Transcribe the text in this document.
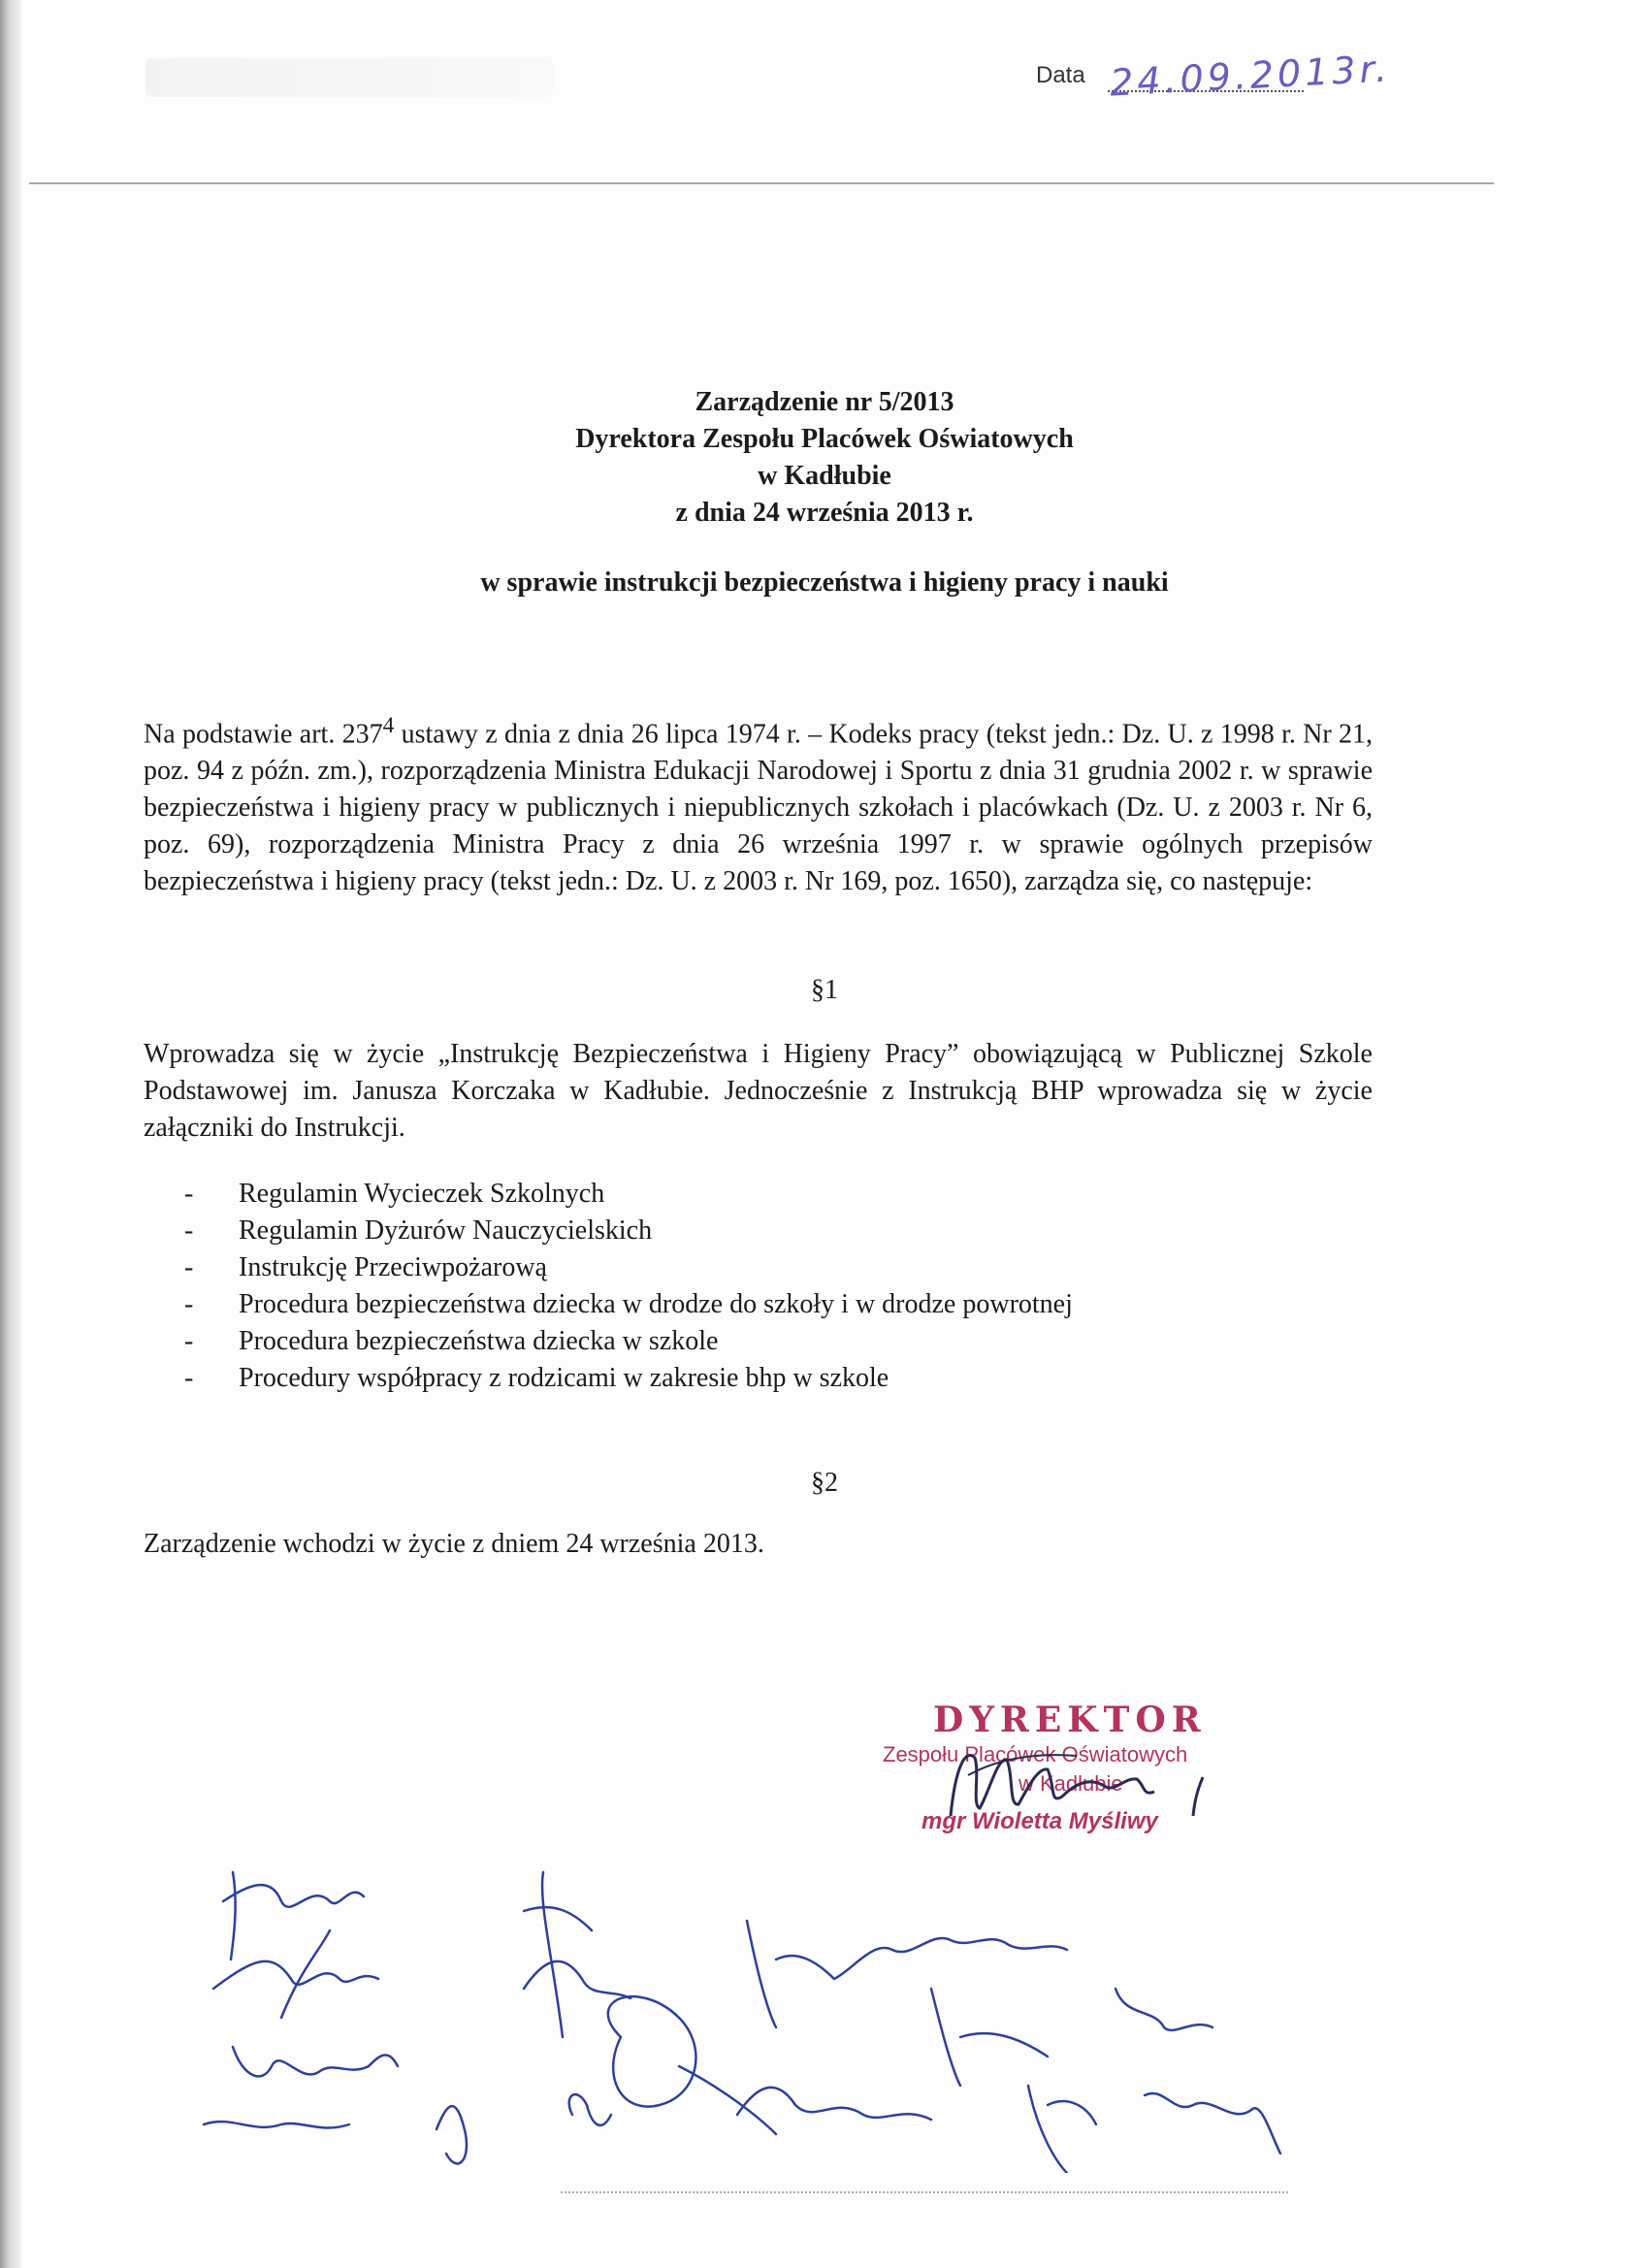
Data 24.09.2013r.
Zarządzenie nr 5/2013
Dyrektora Zespołu Placówek Oświatowych
w Kadłubie
z dnia 24 września 2013 r.
w sprawie instrukcji bezpieczeństwa i higieny pracy i nauki

Na podstawie art. $237^4$ ustawy z dnia z dnia 26 lipca 1974 r. – Kodeks pracy (tekst jedn.: Dz. U. z 1998 r. Nr 21, poz. 94 z późn. zm.), rozporządzenia Ministra Edukacji Narodowej i Sportu z dnia 31 grudnia 2002 r. w sprawie bezpieczeństwa i higieny pracy w publicznych i niepublicznych szkołach i placówkach (Dz. U. z 2003 r. Nr 6, poz. 69), rozporządzenia Ministra Pracy z dnia 26 września 1997 r. w sprawie ogólnych przepisów bezpieczeństwa i higieny pracy (tekst jedn.: Dz. U. z 2003 r. Nr 169, poz. 1650), zarządza się, co następuje:

§1

Wprowadza się w życie „Instrukcję Bezpieczeństwa i Higieny Pracy” obowiązującą w Publicznej Szkole Podstawowej im. Janusza Korczaka w Kadłubie. Jednocześnie z Instrukcją BHP wprowadza się w życie załączniki do Instrukcji.

- Regulamin Wycieczek Szkolnych
- Regulamin Dyżurów Nauczycielskich
- Instrukcję Przeciwpożarową
- Procedura bezpieczeństwa dziecka w drodze do szkoły i w drodze powrotnej
- Procedura bezpieczeństwa dziecka w szkole
- Procedury współpracy z rodzicami w zakresie bhp w szkole

§2

Zarządzenie wchodzi w życie z dniem 24 września 2013.

DYREKTOR
Zespołu Placówek Oświatowych
w Kadłubie
mgr Wioletta Myśliwy
